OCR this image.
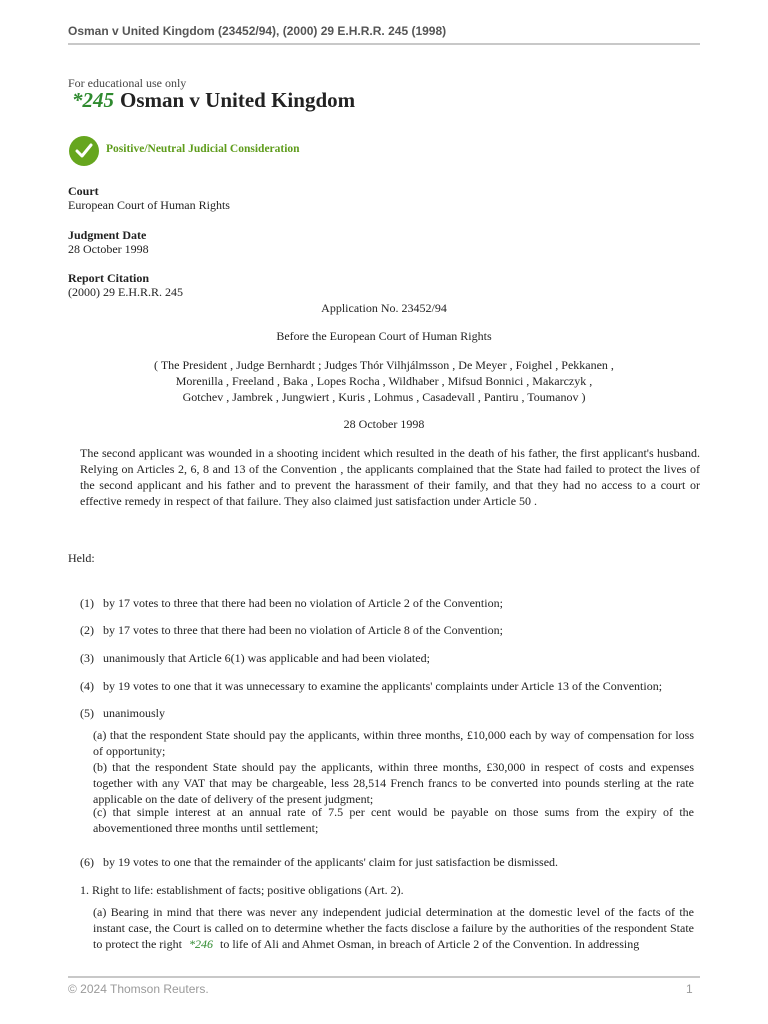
Osman v United Kingdom (23452/94), (2000) 29 E.H.R.R. 245 (1998)
For educational use only
*245 Osman v United Kingdom
Positive/Neutral Judicial Consideration
Court
European Court of Human Rights
Judgment Date
28 October 1998
Report Citation
(2000) 29 E.H.R.R. 245
Application No. 23452/94
Before the European Court of Human Rights
( The President , Judge Bernhardt ; Judges Thór Vilhjálmsson , De Meyer , Foighel , Pekkanen ,
Morenilla , Freeland , Baka , Lopes Rocha , Wildhaber , Mifsud Bonnici , Makarczyk ,
Gotchev , Jambrek , Jungwiert , Kuris , Lohmus , Casadevall , Pantiru , Toumanov )
28 October 1998
The second applicant was wounded in a shooting incident which resulted in the death of his father, the first applicant's husband. Relying on Articles 2, 6, 8 and 13 of the Convention , the applicants complained that the State had failed to protect the lives of the second applicant and his father and to prevent the harassment of their family, and that they had no access to a court or effective remedy in respect of that failure. They also claimed just satisfaction under Article 50 .
Held:
(1) by 17 votes to three that there had been no violation of Article 2 of the Convention;
(2) by 17 votes to three that there had been no violation of Article 8 of the Convention;
(3) unanimously that Article 6(1) was applicable and had been violated;
(4) by 19 votes to one that it was unnecessary to examine the applicants' complaints under Article 13 of the Convention;
(5) unanimously
(a) that the respondent State should pay the applicants, within three months, £10,000 each by way of compensation for loss of opportunity;
(b) that the respondent State should pay the applicants, within three months, £30,000 in respect of costs and expenses together with any VAT that may be chargeable, less 28,514 French francs to be converted into pounds sterling at the rate applicable on the date of delivery of the present judgment;
(c) that simple interest at an annual rate of 7.5 per cent would be payable on those sums from the expiry of the abovementioned three months until settlement;
(6) by 19 votes to one that the remainder of the applicants' claim for just satisfaction be dismissed.
1. Right to life: establishment of facts; positive obligations (Art. 2).
(a) Bearing in mind that there was never any independent judicial determination at the domestic level of the facts of the instant case, the Court is called on to determine whether the facts disclose a failure by the authorities of the respondent State to protect the right *246 to life of Ali and Ahmet Osman, in breach of Article 2 of the Convention. In addressing
© 2024 Thomson Reuters.	1
